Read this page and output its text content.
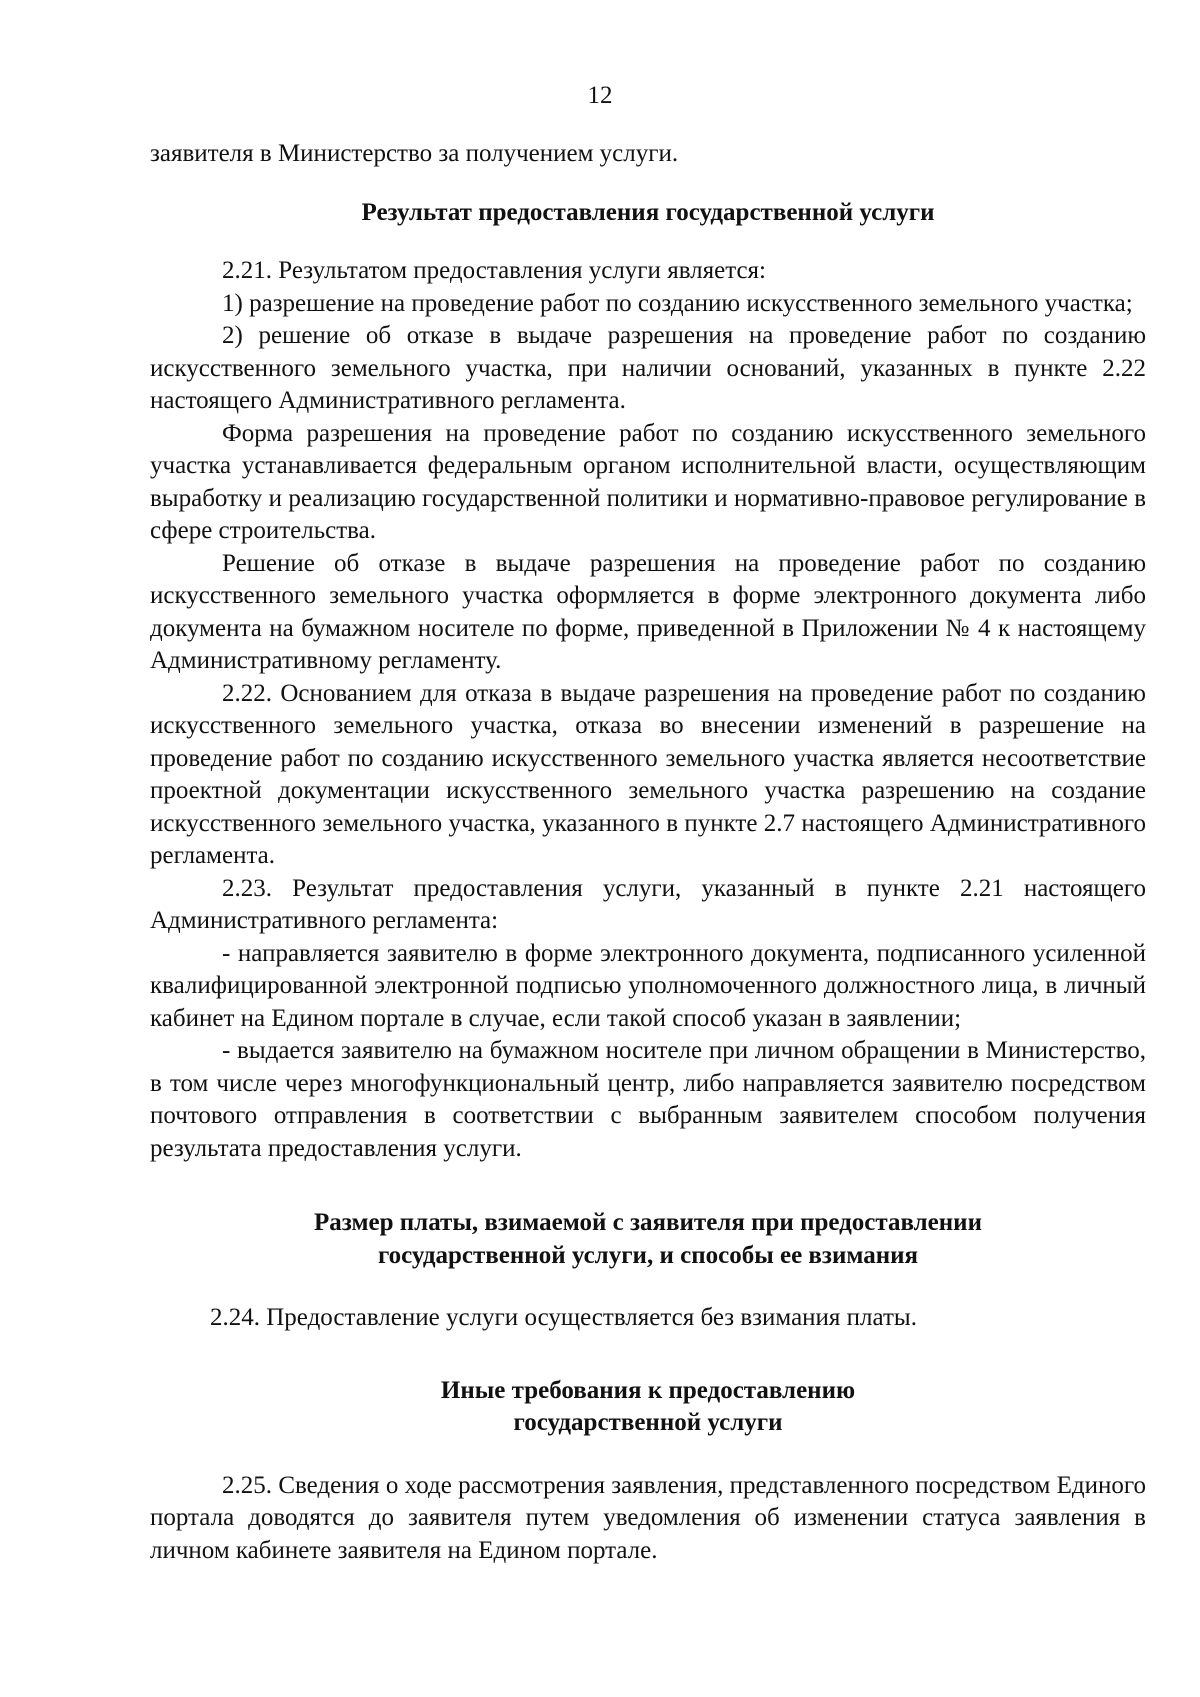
12

заявителя в Министерство за получением услуги.

Результат предоставления государственной услуги

2.21. Результатом предоставления услуги является:

1) разрешение на проведение работ по созданию искусственного земельного участка;

2) решение об отказе в выдаче разрешения на проведение работ по созданию искусственного земельного участка, при наличии оснований, указанных в пункте 2.22 настоящего Административного регламента.

Форма разрешения на проведение работ по созданию искусственного земельного участка устанавливается федеральным органом исполнительной власти, осуществляющим выработку и реализацию государственной политики и нормативно-правовое регулирование в сфере строительства.

Решение об отказе в выдаче разрешения на проведение работ по созданию искусственного земельного участка оформляется в форме электронного документа либо документа на бумажном носителе по форме, приведенной в Приложении № 4 к настоящему Административному регламенту.

2.22. Основанием для отказа в выдаче разрешения на проведение работ по созданию искусственного земельного участка, отказа во внесении изменений в разрешение на проведение работ по созданию искусственного земельного участка является несоответствие проектной документации искусственного земельного участка разрешению на создание искусственного земельного участка, указанного в пункте 2.7 настоящего Административного регламента.

2.23. Результат предоставления услуги, указанный в пункте 2.21 настоящего Административного регламента:

- направляется заявителю в форме электронного документа, подписанного усиленной квалифицированной электронной подписью уполномоченного должностного лица, в личный кабинет на Едином портале в случае, если такой способ указан в заявлении;

- выдается заявителю на бумажном носителе при личном обращении в Министерство, в том числе через многофункциональный центр, либо направляется заявителю посредством почтового отправления в соответствии с выбранным заявителем способом получения результата предоставления услуги.

Размер платы, взимаемой с заявителя при предоставлении государственной услуги, и способы ее взимания

2.24. Предоставление услуги осуществляется без взимания платы.

Иные требования к предоставлению государственной услуги

2.25. Сведения о ходе рассмотрения заявления, представленного посредством Единого портала доводятся до заявителя путем уведомления об изменении статуса заявления в личном кабинете заявителя на Едином портале.
